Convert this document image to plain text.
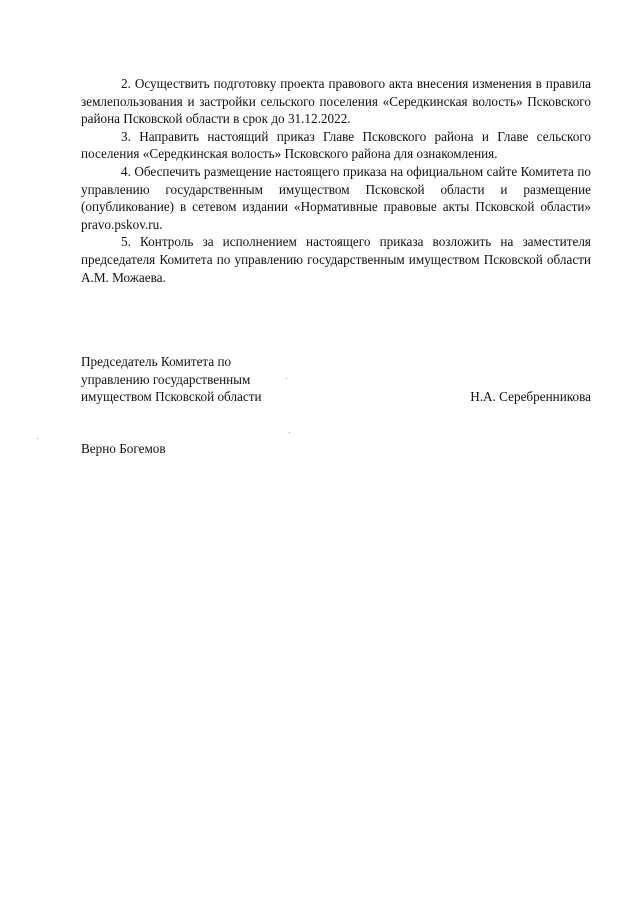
2. Осуществить подготовку проекта правового акта внесения изменения в правила землепользования и застройки сельского поселения «Середкинская волость» Псковского района Псковской области в срок до 31.12.2022.

3. Направить настоящий приказ Главе Псковского района и Главе сельского поселения «Середкинская волость» Псковского района для ознакомления.

4. Обеспечить размещение настоящего приказа на официальном сайте Комитета по управлению государственным имуществом Псковской области и размещение (опубликование) в сетевом издании «Нормативные правовые акты Псковской области» pravo.pskov.ru.

5. Контроль за исполнением настоящего приказа возложить на заместителя председателя Комитета по управлению государственным имуществом Псковской области А.М. Можаева.

Председатель Комитета по

управлению государственным

имуществом Псковской области	Н.А. Серебренникова
Верно Богемов
